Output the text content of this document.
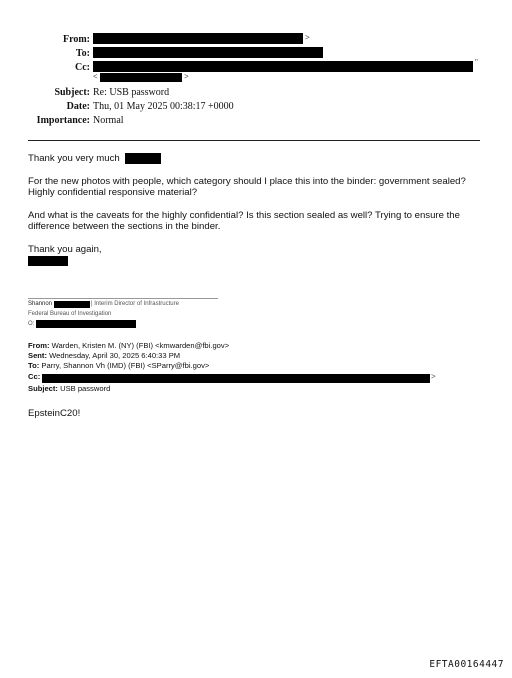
From:	>
To:
Cc:	"
<	>
Subject: Re: USB password
Date: Thu, 01 May 2025 00:38:17 +0000
Importance: Normal
Thank you very much
For the new photos with people, which category should I place this into the binder: government sealed? Highly confidential responsive material?
And what is the caveats for the highly confidential? Is this section sealed as well? Trying to ensure the difference between the sections in the binder.
Thank you again,
Shannon	| Interim Director of Infrastructure
Federal Bureau of Investigation
O:
From: Warden, Kristen M. (NY) (FBI) <kmwarden@fbi.gov>
Sent: Wednesday, April 30, 2025 6:40:33 PM
To: Parry, Shannon Vh (IMD) (FBI) <SParry@fbi.gov>
Cc:	>
Subject: USB password
EpsteinC20!
EFTA00164447
